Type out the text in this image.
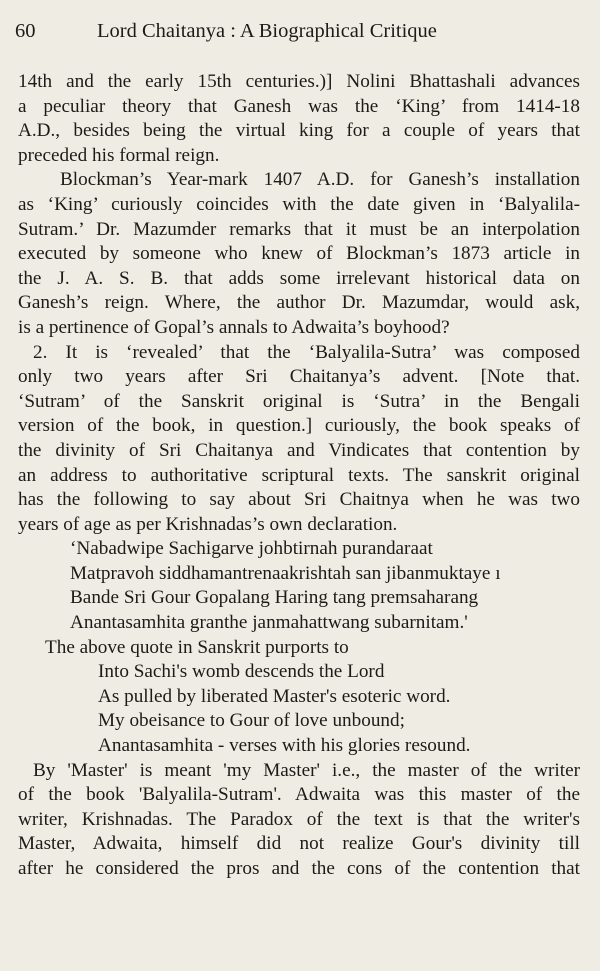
60	Lord Chaitanya : A Biographical Critique

14th and the early 15th centuries.)] Nolini Bhattashali advances
a peculiar theory that Ganesh was the ‘King’ from 1414-18
A.D., besides being the virtual king for a couple of years that
preceded his formal reign.

Blockman’s Year-mark 1407 A.D. for Ganesh’s installation
as ‘King’ curiously coincides with the date given in ‘Balyalila-
Sutram.’ Dr. Mazumder remarks that it must be an interpolation
executed by someone who knew of Blockman’s 1873 article in
the J. A. S. B. that adds some irrelevant historical data on
Ganesh’s reign. Where, the author Dr. Mazumdar, would ask,
is a pertinence of Gopal’s annals to Adwaita’s boyhood?

2. It is ‘revealed’ that the ‘Balyalila-Sutra’ was composed
only two years after Sri Chaitanya’s advent. [Note that.
‘Sutram’ of the Sanskrit original is ‘Sutra’ in the Bengali
version of the book, in question.] curiously, the book speaks of
the divinity of Sri Chaitanya and Vindicates that contention by
an address to authoritative scriptural texts. The sanskrit original
has the following to say about Sri Chaitnya when he was two
years of age as per Krishnadas’s own declaration.

‘Nabadwipe Sachigarve johbtirnah purandaraat
Matpravoh siddhamantrenaakrishtah san jibanmuktaye ı
Bande Sri Gour Gopalang Haring tang premsaharang
Anantasamhita granthe janmahattwang subarnitam.'
The above quote in Sanskrit purports to
Into Sachi's womb descends the Lord
As pulled by liberated Master's esoteric word.
My obeisance to Gour of love unbound;
Anantasamhita - verses with his glories resound.

By 'Master' is meant 'my Master' i.e., the master of the writer
of the book 'Balyalila-Sutram'. Adwaita was this master of the
writer, Krishnadas. The Paradox of the text is that the writer's
Master, Adwaita, himself did not realize Gour's divinity till
after he considered the pros and the cons of the contention that
